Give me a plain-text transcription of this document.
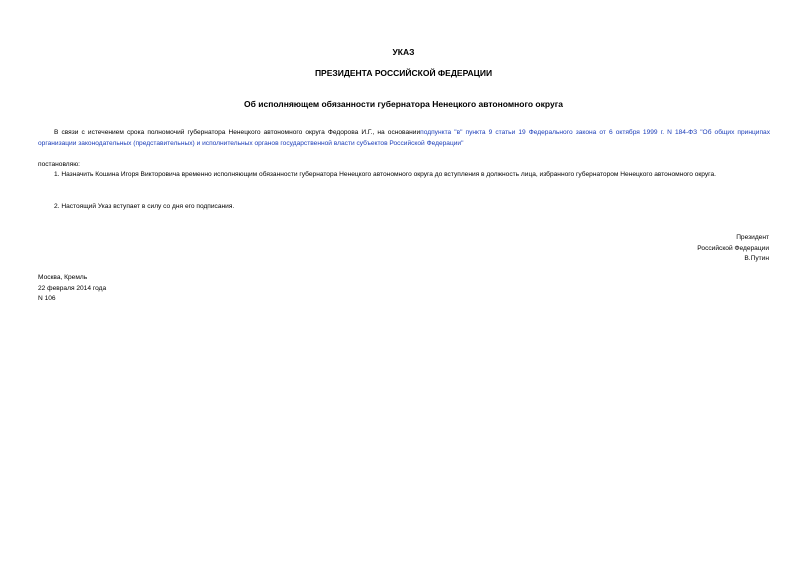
УКАЗ
ПРЕЗИДЕНТА РОССИЙСКОЙ ФЕДЕРАЦИИ
Об исполняющем обязанности губернатора Ненецкого автономного округа
В связи с истечением срока полномочий губернатора Ненецкого автономного округа Федорова И.Г., на основанииподпункта "в" пункта 9 статьи 19 Федерального закона от 6 октября 1999 г. N 184-ФЗ "Об общих принципах организации законодательных (представительных) и исполнительных органов государственной власти субъектов Российской Федерации"
постановляю:
1. Назначить Кошина Игоря Викторовича временно исполняющим обязанности губернатора Ненецкого автономного округа до вступления в должность лица, избранного губернатором Ненецкого автономного округа.
2. Настоящий Указ вступает в силу со дня его подписания.
Президент
Российской Федерации
В.Путин
Москва, Кремль
22 февраля 2014 года
N 106
